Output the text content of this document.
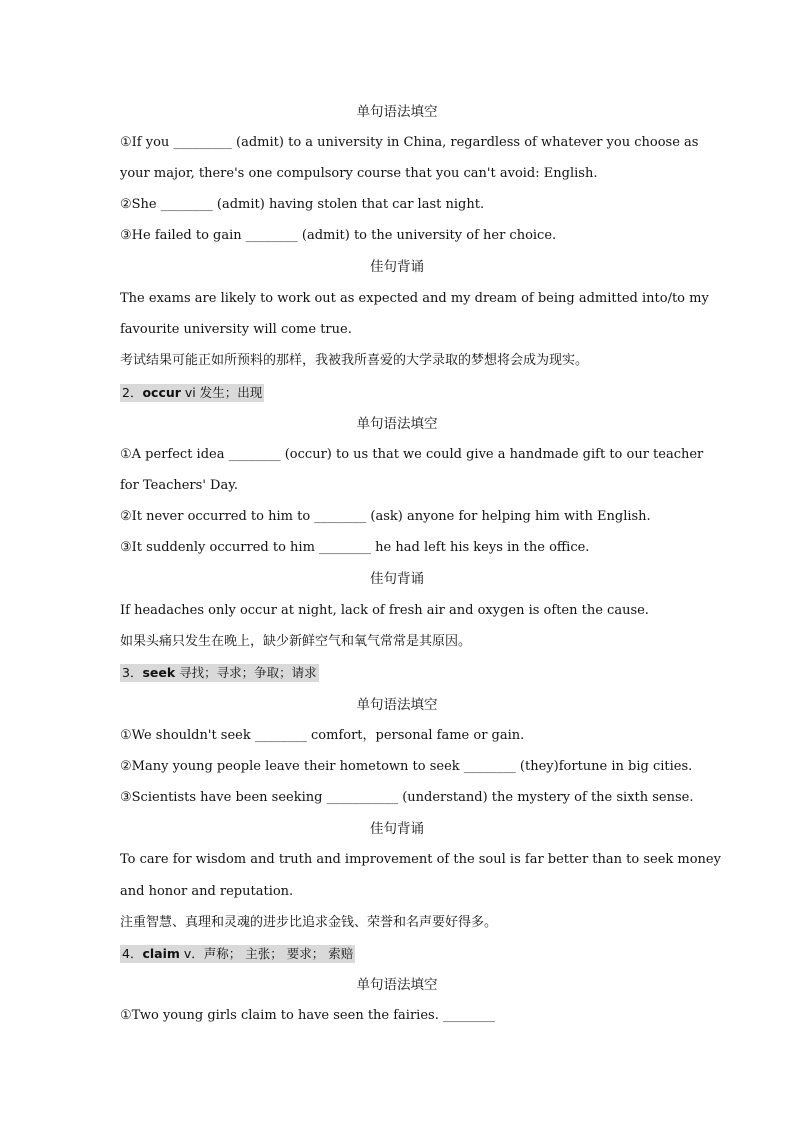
单句语法填空
①If you _________ (admit) to a university in China, regardless of whatever you choose as
your major, there's one compulsory course that you can't avoid: English.
②She ________ (admit) having stolen that car last night.
③He failed to gain ________ (admit) to the university of her choice.
佳句背诵
The exams are likely to work out as expected and my dream of being admitted into/to my
favourite university will come true.
考试结果可能正如所预料的那样，我被我所喜爱的大学录取的梦想将会成为现实。
2．occur vi 发生；出现
单句语法填空
①A perfect idea ________ (occur) to us that we could give a handmade gift to our teacher
for Teachers' Day.
②It never occurred to him to ________ (ask) anyone for helping him with English.
③It suddenly occurred to him ________ he had left his keys in the office.
佳句背诵
If headaches only occur at night, lack of fresh air and oxygen is often the cause.
如果头痛只发生在晚上，缺少新鲜空气和氧气常常是其原因。
3．seek 寻找；寻求；争取；请求
单句语法填空
①We shouldn't seek ________ comfort，personal fame or gain.
②Many young people leave their hometown to seek ________ (they)fortune in big cities.
③Scientists have been seeking ___________ (understand) the mystery of the sixth sense.
佳句背诵
To care for wisdom and truth and improvement of the soul is far better than to seek money
and honor and reputation.
注重智慧、真理和灵魂的进步比追求金钱、荣誉和名声要好得多。
4．claim v．声称； 主张； 要求； 索赔
单句语法填空
①Two young girls claim to have seen the fairies. ________
